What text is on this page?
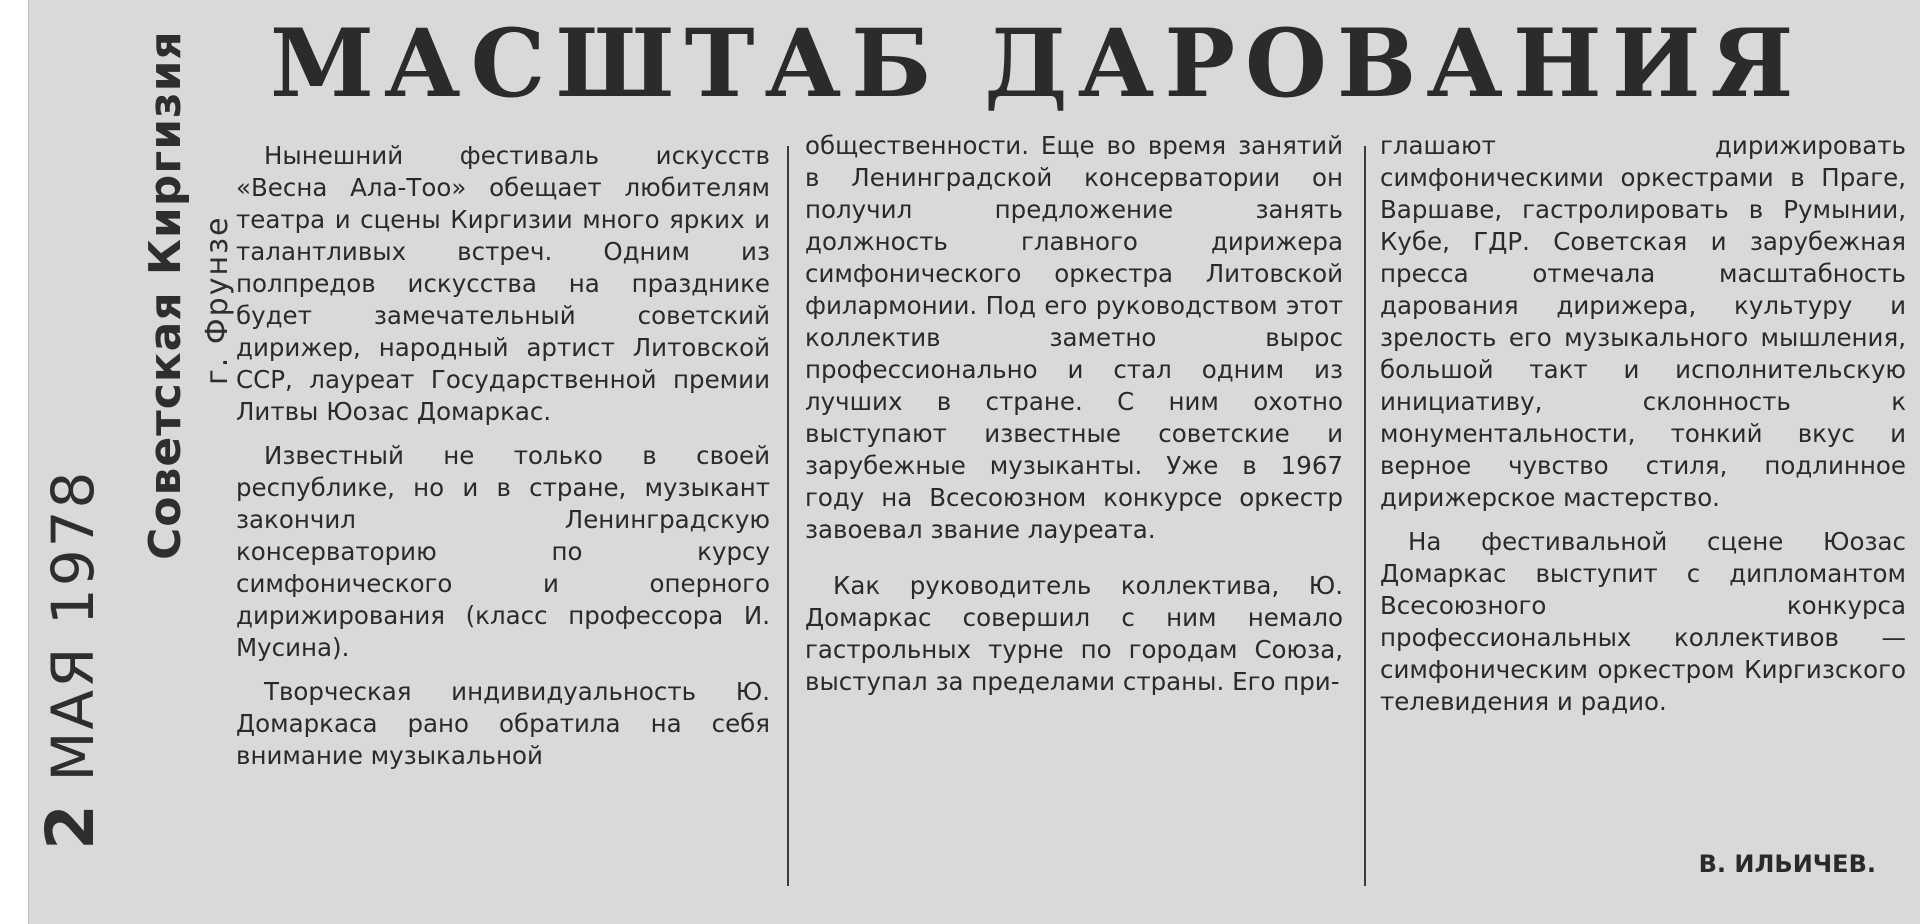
2 МАЯ 1978
Советская Киргизия г. Фрунзе
МАСШТАБ ДАРОВАНИЯ

Нынешний фестиваль искусств «Весна Ала-Тоо» обещает любителям театра и сцены Киргизии много ярких и талантливых встреч. Одним из полпредов искусства на празднике будет замечательный советский дирижер, народный артист Литовской ССР, лауреат Государственной премии Литвы Юозас Домаркас.

Известный не только в своей республике, но и в стране, музыкант закончил Ленинградскую консерваторию по курсу симфонического и оперного дирижирования (класс профессора И. Мусина).

Творческая индивидуальность Ю. Домаркаса рано обратила на себя внимание музыкальной

общественности. Еще во время занятий в Ленинградской консерватории он получил предложение занять должность главного дирижера симфонического оркестра Литовской филармонии. Под его руководством этот коллектив заметно вырос профессионально и стал одним из лучших в стране. С ним охотно выступают известные советские и зарубежные музыканты. Уже в 1967 году на Всесоюзном конкурсе оркестр завоевал звание лауреата.

Как руководитель коллектива, Ю. Домаркас совершил с ним немало гастрольных турне по городам Союза, выступал за пределами страны. Его при-

глашают дирижировать симфоническими оркестрами в Праге, Варшаве, гастролировать в Румынии, Кубе, ГДР. Советская и зарубежная пресса отмечала масштабность дарования дирижера, культуру и зрелость его музыкального мышления, большой такт и исполнительскую инициативу, склонность к монументальности, тонкий вкус и верное чувство стиля, подлинное дирижерское мастерство.

На фестивальной сцене Юозас Домаркас выступит с дипломантом Всесоюзного конкурса профессиональных коллективов — симфоническим оркестром Киргизского телевидения и радио.

В. ИЛЬИЧЕВ.
